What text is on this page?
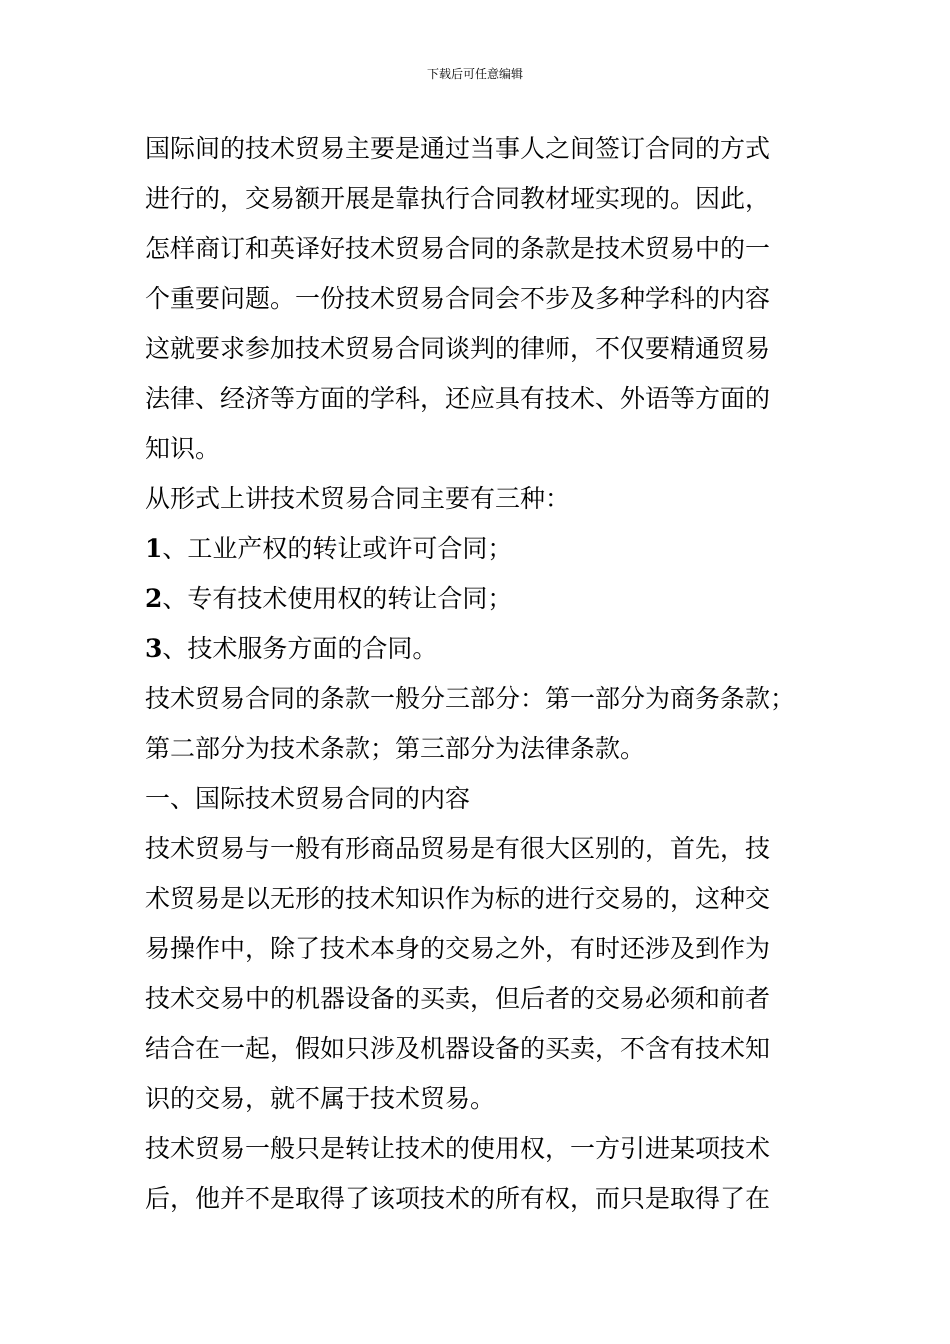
下载后可任意编辑
国际间的技术贸易主要是通过当事人之间签订合同的方式
进行的，交易额开展是靠执行合同教材垭实现的。因此，
怎样商订和英译好技术贸易合同的条款是技术贸易中的一
个重要问题。一份技术贸易合同会不步及多种学科的内容
这就要求参加技术贸易合同谈判的律师，不仅要精通贸易
法律、经济等方面的学科，还应具有技术、外语等方面的
知识。
从形式上讲技术贸易合同主要有三种：
1、工业产权的转让或许可合同；
2、专有技术使用权的转让合同；
3、技术服务方面的合同。
技术贸易合同的条款一般分三部分：第一部分为商务条款；
第二部分为技术条款；第三部分为法律条款。
一、国际技术贸易合同的内容
技术贸易与一般有形商品贸易是有很大区别的，首先，技
术贸易是以无形的技术知识作为标的进行交易的，这种交
易操作中，除了技术本身的交易之外，有时还涉及到作为
技术交易中的机器设备的买卖，但后者的交易必须和前者
结合在一起，假如只涉及机器设备的买卖，不含有技术知
识的交易，就不属于技术贸易。
技术贸易一般只是转让技术的使用权，一方引进某项技术
后，他并不是取得了该项技术的所有权，而只是取得了在
